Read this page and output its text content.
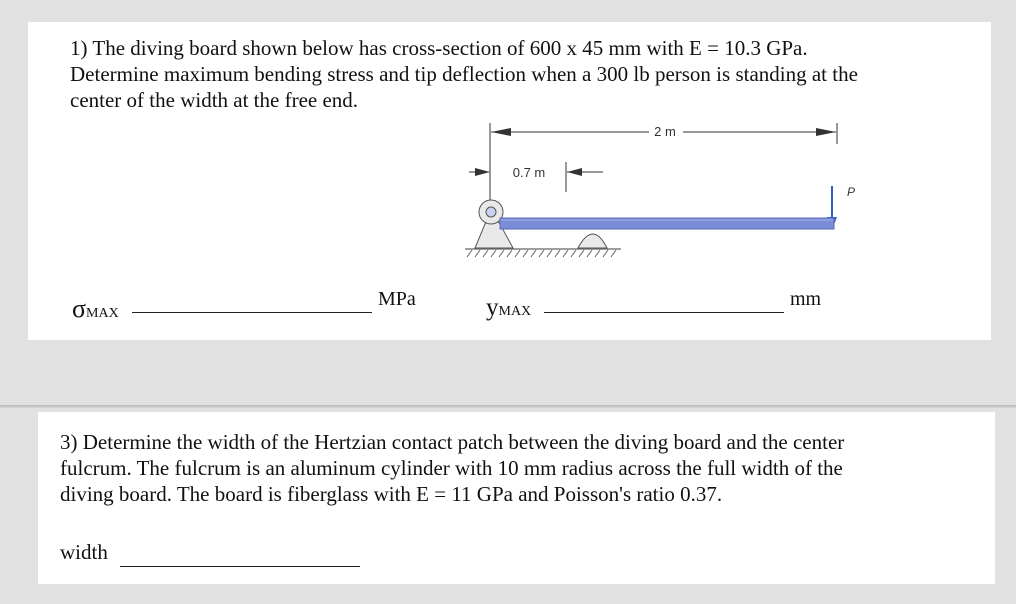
1) The diving board shown below has cross-section of 600 x 45 mm with E = 10.3 GPa.
Determine maximum bending stress and tip deflection when a 300 lb person is standing at the
center of the width at the free end.
2 m
0.7 m
P
σMAX
MPa	yMAX
mm
3) Determine the width of the Hertzian contact patch between the diving board and the center
fulcrum. The fulcrum is an aluminum cylinder with 10 mm radius across the full width of the
diving board. The board is fiberglass with E = 11 GPa and Poisson's ratio 0.37.
width
